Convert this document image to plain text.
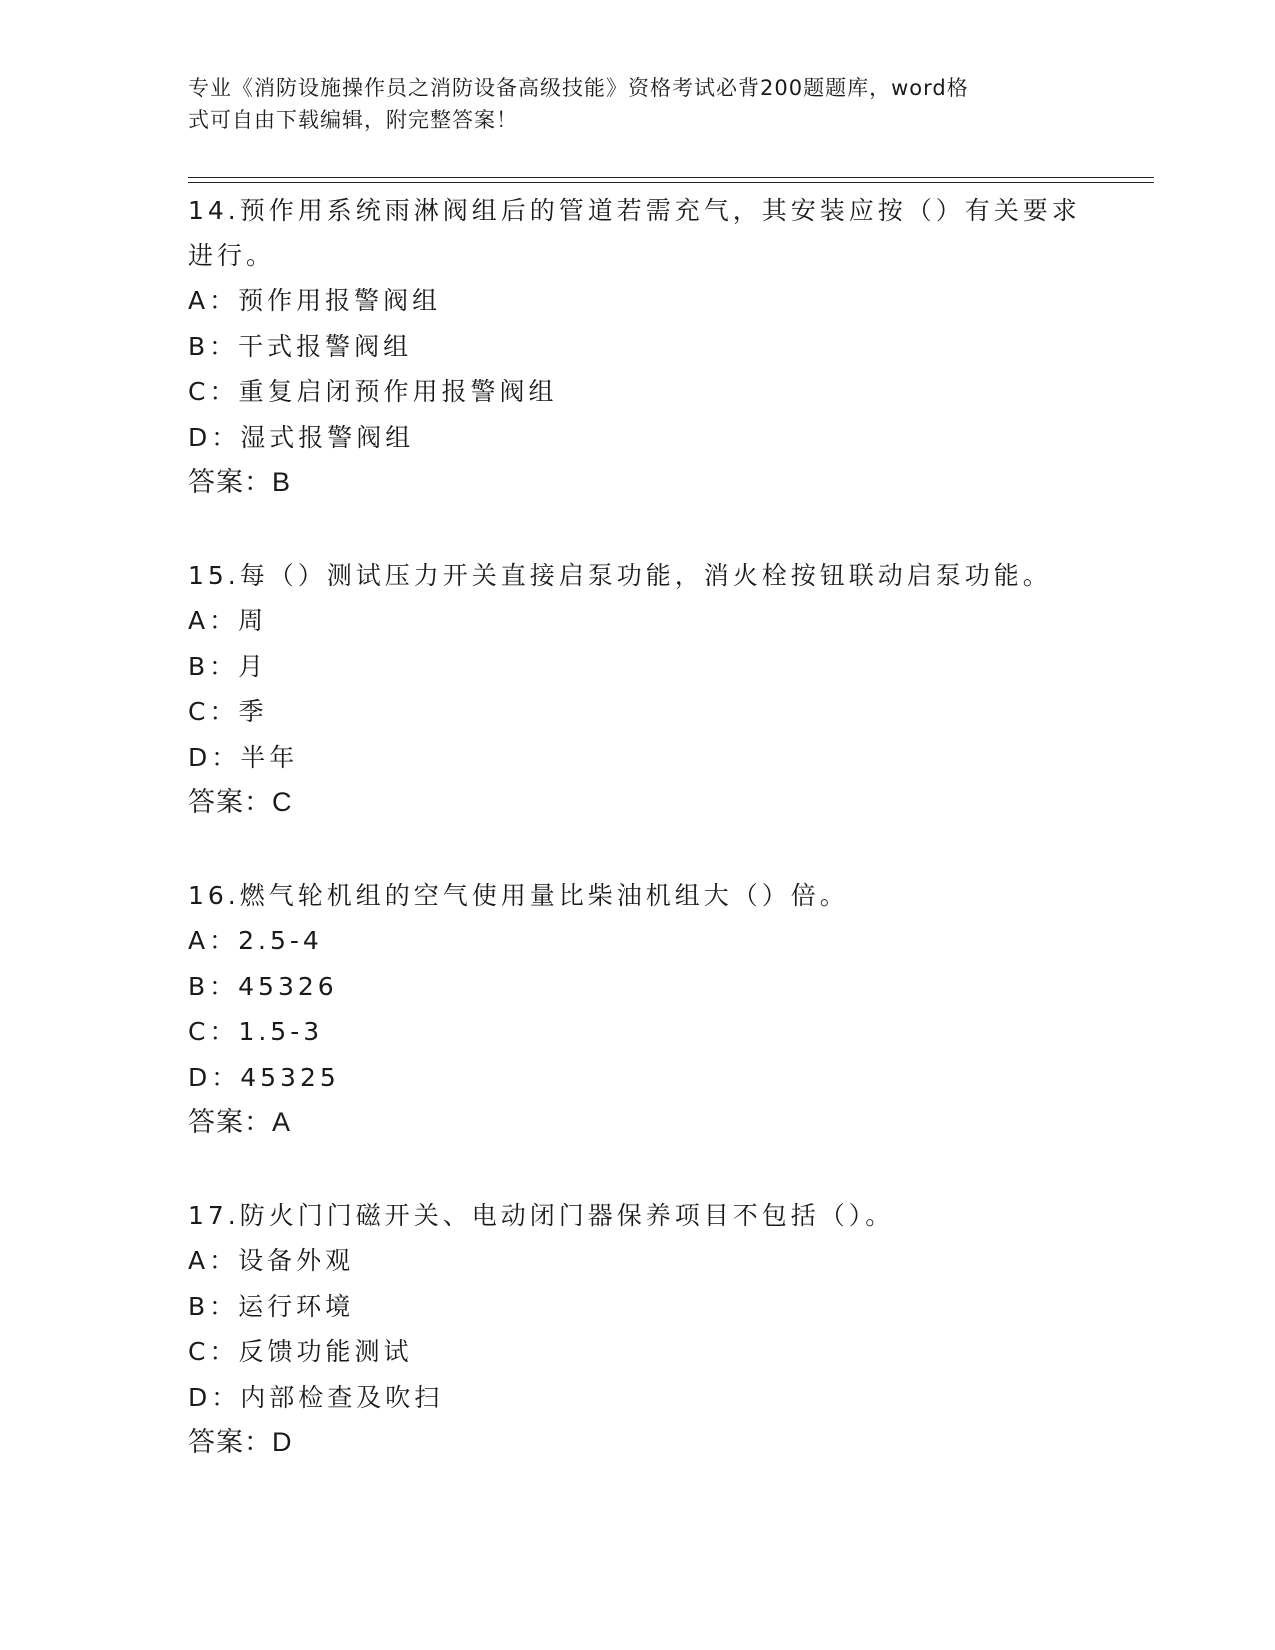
专业《消防设施操作员之消防设备高级技能》资格考试必背200题题库，word格
式可自由下载编辑，附完整答案！
14.预作用系统雨淋阀组后的管道若需充气，其安装应按（）有关要求
进行。
A：预作用报警阀组
B：干式报警阀组
C：重复启闭预作用报警阀组
D：湿式报警阀组
答案：B
15.每（）测试压力开关直接启泵功能，消火栓按钮联动启泵功能。
A：周
B：月
C：季
D：半年
答案：C
16.燃气轮机组的空气使用量比柴油机组大（）倍。
A：2.5-4
B：45326
C：1.5-3
D：45325
答案：A
17.防火门门磁开关、电动闭门器保养项目不包括（）。
A：设备外观
B：运行环境
C：反馈功能测试
D：内部检查及吹扫
答案：D
